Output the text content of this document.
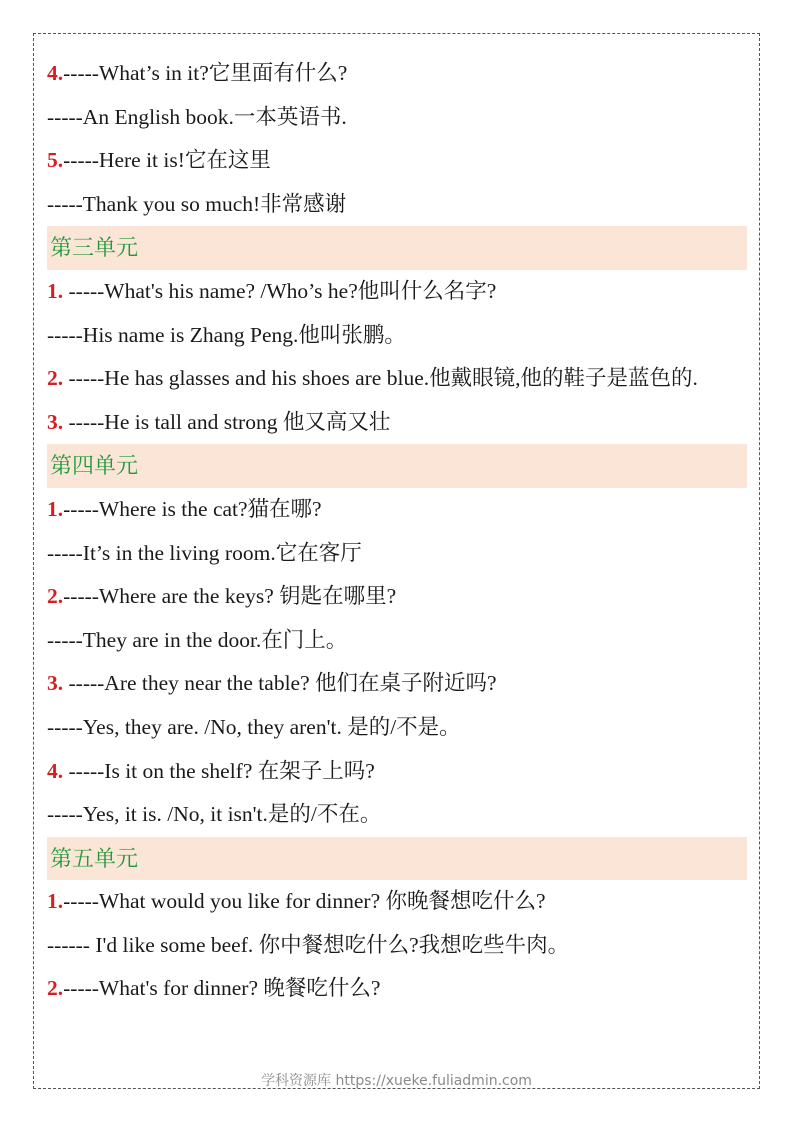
4.-----What’s in it?它里面有什么?
-----An English book.一本英语书.
5.-----Here it is!它在这里
-----Thank you so much!非常感谢
第三单元
1. -----What's his name? /Who’s he?他叫什么名字?
-----His name is Zhang Peng.他叫张鹏。
2. -----He has glasses and his shoes are blue.他戴眼镜,他的鞋子是蓝色的.
3. -----He is tall and strong 他又高又壮
第四单元
1.-----Where is the cat?猫在哪?
-----It’s in the living room.它在客厅
2.-----Where are the keys? 钥匙在哪里?
-----They are in the door.在门上。
3. -----Are they near the table? 他们在桌子附近吗?
-----Yes, they are. /No, they aren't. 是的/不是。
4. -----Is it on the shelf? 在架子上吗?
-----Yes, it is. /No, it isn't.是的/不在。
第五单元
1.-----What would you like for dinner? 你晚餐想吃什么?
------ I'd like some beef. 你中餐想吃什么?我想吃些牛肉。
2.-----What's for dinner? 晚餐吃什么?
学科资源库 https://xueke.fuliadmin.com
